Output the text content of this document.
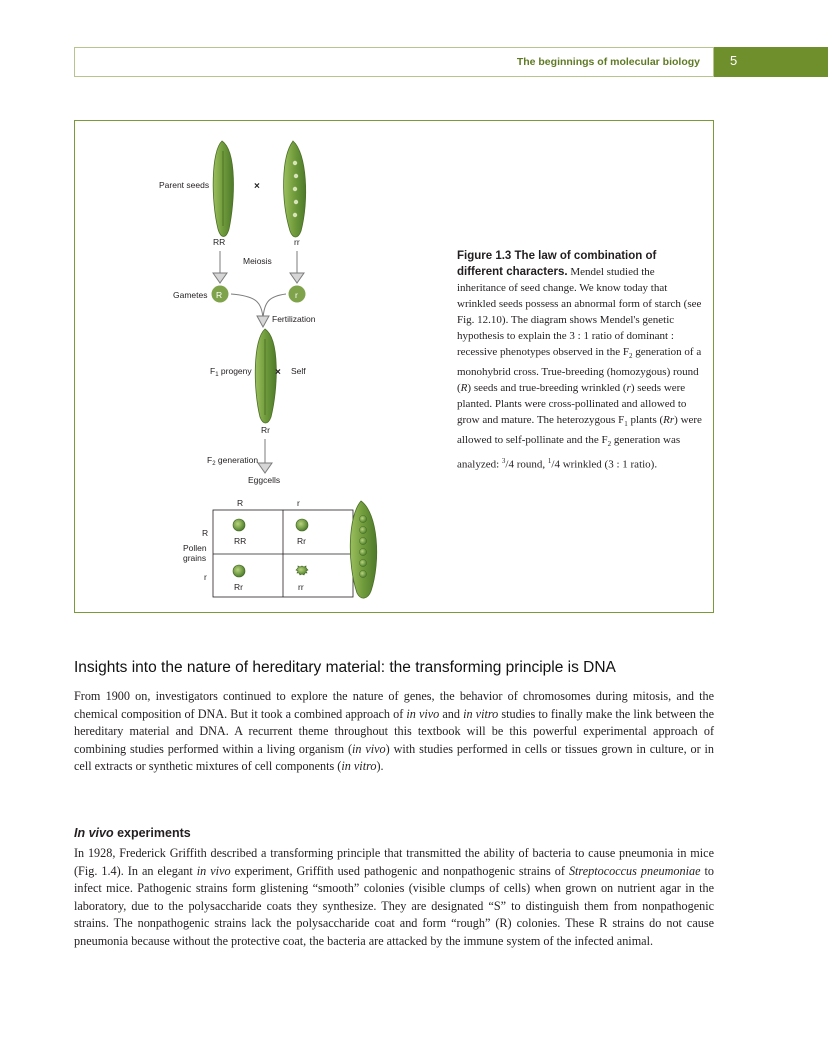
The beginnings of molecular biology 5
Parent seeds	×
RR	rr
Meiosis
Gametes R	r
Fertilization
$F_1$ progeny × Self
Rr
$F_2$ generation
Eggcells
R	r
R
Pollen
grains
r
RR	Rr
Rr	rr
Figure 1.3 The law of combination of different characters. Mendel studied the inheritance of seed change. We know today that wrinkled seeds possess an abnormal form of starch (see Fig. 12.10). The diagram shows Mendel's genetic hypothesis to explain the 3 : 1 ratio of dominant : recessive phenotypes observed in the $F_2$ generation of a monohybrid cross. True-breeding (homozygous) round (R) seeds and true-breeding wrinkled (r) seeds were planted. Plants were cross-pollinated and allowed to grow and mature. The heterozygous $F_1$ plants (Rr) were allowed to self-pollinate and the $F_2$ generation was analyzed: $^3$/4 round, $^1$/4 wrinkled (3 : 1 ratio).
Insights into the nature of hereditary material: the transforming principle is DNA
From 1900 on, investigators continued to explore the nature of genes, the behavior of chromosomes during mitosis, and the chemical composition of DNA. But it took a combined approach of in vivo and in vitro studies to finally make the link between the hereditary material and DNA. A recurrent theme throughout this textbook will be this powerful experimental approach of combining studies performed within a living organism (in vivo) with studies performed in cells or tissues grown in culture, or in cell extracts or synthetic mixtures of cell components (in vitro).
In vivo experiments
In 1928, Frederick Griffith described a transforming principle that transmitted the ability of bacteria to cause pneumonia in mice (Fig. 1.4). In an elegant in vivo experiment, Griffith used pathogenic and nonpathogenic strains of Streptococcus pneumoniae to infect mice. Pathogenic strains form glistening “smooth” colonies (visible clumps of cells) when grown on nutrient agar in the laboratory, due to the polysaccharide coats they synthesize. They are designated “S” to distinguish them from nonpathogenic strains. The nonpathogenic strains lack the polysaccharide coat and form “rough” (R) colonies. These R strains do not cause pneumonia because without the protective coat, the bacteria are attacked by the immune system of the infected animal.
